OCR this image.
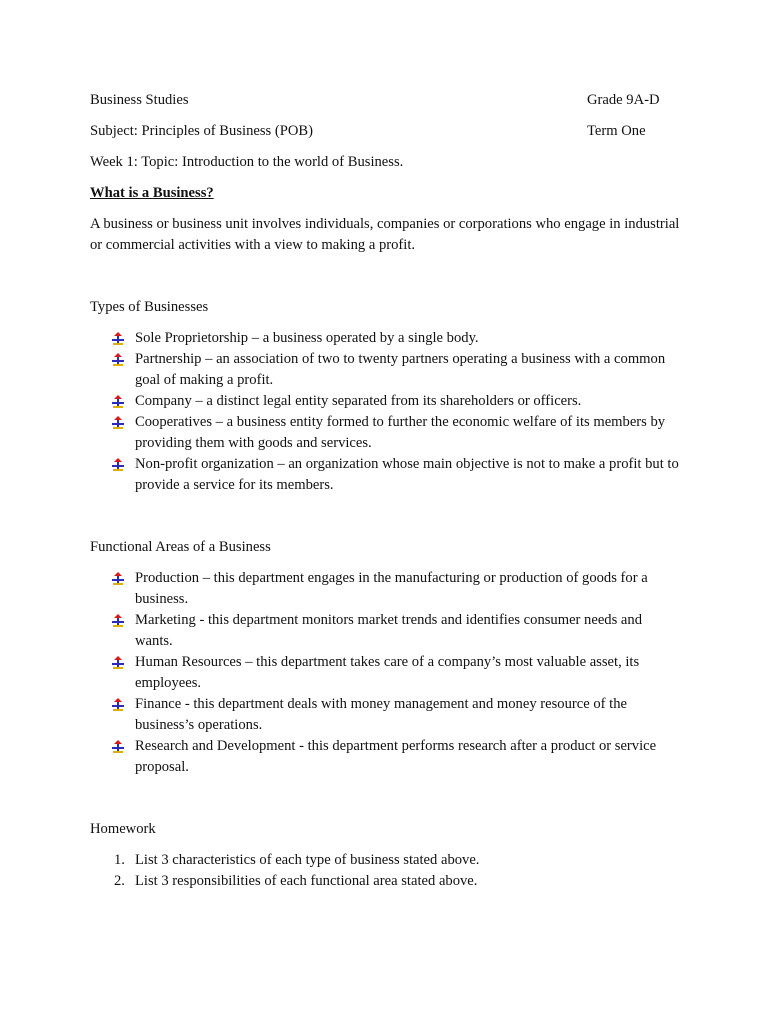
Business Studies	Grade 9A-D
Subject: Principles of Business (POB)	Term One
Week 1: Topic: Introduction to the world of Business.
What is a Business?
A business or business unit involves individuals, companies or corporations who engage in industrial or commercial activities with a view to making a profit.
Types of Businesses
Sole Proprietorship – a business operated by a single body.
Partnership – an association of two to twenty partners operating a business with a common goal of making a profit.
Company – a distinct legal entity separated from its shareholders or officers.
Cooperatives – a business entity formed to further the economic welfare of its members by providing them with goods and services.
Non-profit organization – an organization whose main objective is not to make a profit but to provide a service for its members.
Functional Areas of a Business
Production – this department engages in the manufacturing or production of goods for a business.
Marketing - this department monitors market trends and identifies consumer needs and wants.
Human Resources – this department takes care of a company’s most valuable asset, its employees.
Finance - this department deals with money management and money resource of the business’s operations.
Research and Development - this department performs research after a product or service proposal.
Homework
1. List 3 characteristics of each type of business stated above.
2. List 3 responsibilities of each functional area stated above.
